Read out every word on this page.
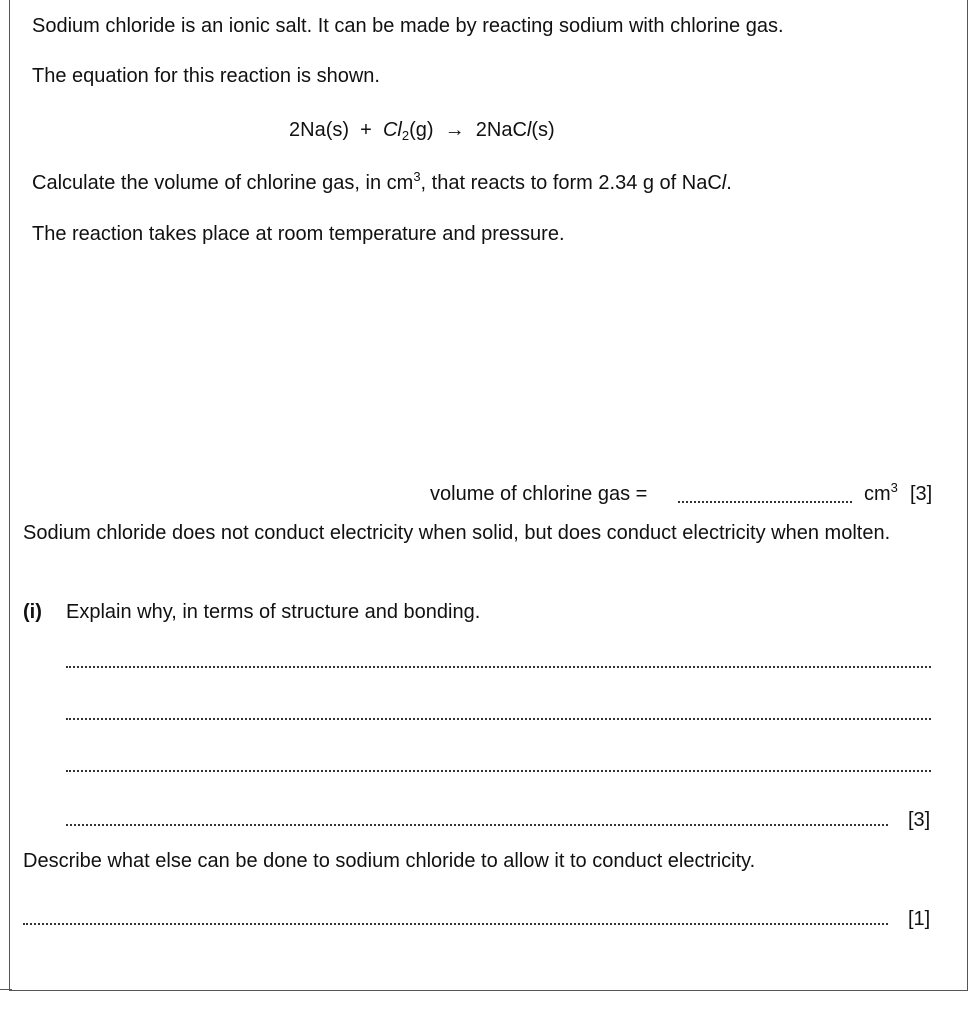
Sodium chloride is an ionic salt. It can be made by reacting sodium with chlorine gas.
The equation for this reaction is shown.
$2Na(s) + Cl_2(g)$ → 2NaCl(s)
Calculate the volume of chlorine gas, in $cm^3$, that reacts to form 2.34 g of NaCl.
The reaction takes place at room temperature and pressure.
volume of chlorine gas =	$cm^3$ [3]
Sodium chloride does not conduct electricity when solid, but does conduct electricity when molten.
(i) Explain why, in terms of structure and bonding.
[3]
Describe what else can be done to sodium chloride to allow it to conduct electricity.
[1]
